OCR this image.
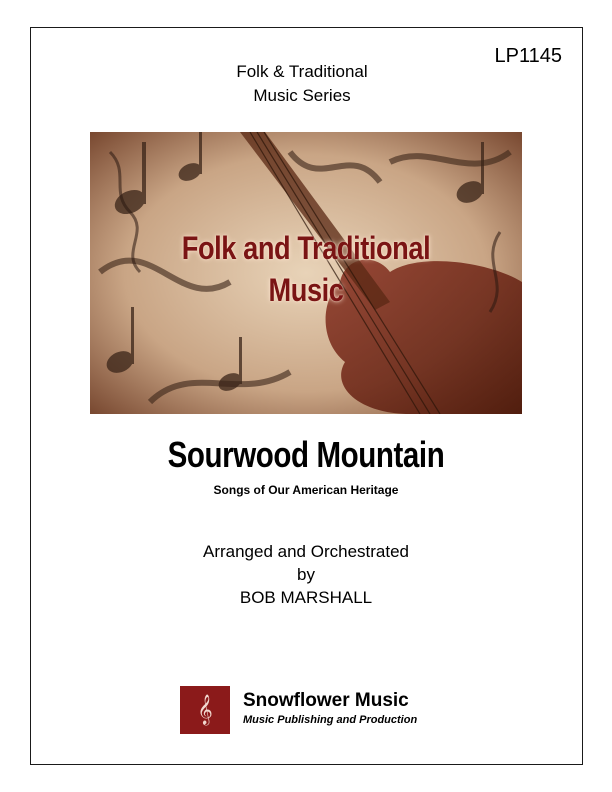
LP1145
Folk & Traditional
Music Series
Folk and Traditional
Music
Sourwood Mountain
Songs of Our American Heritage
Arranged and Orchestrated
by
BOB MARSHALL
𝄞 Snowflower Music
Music Publishing and Production
